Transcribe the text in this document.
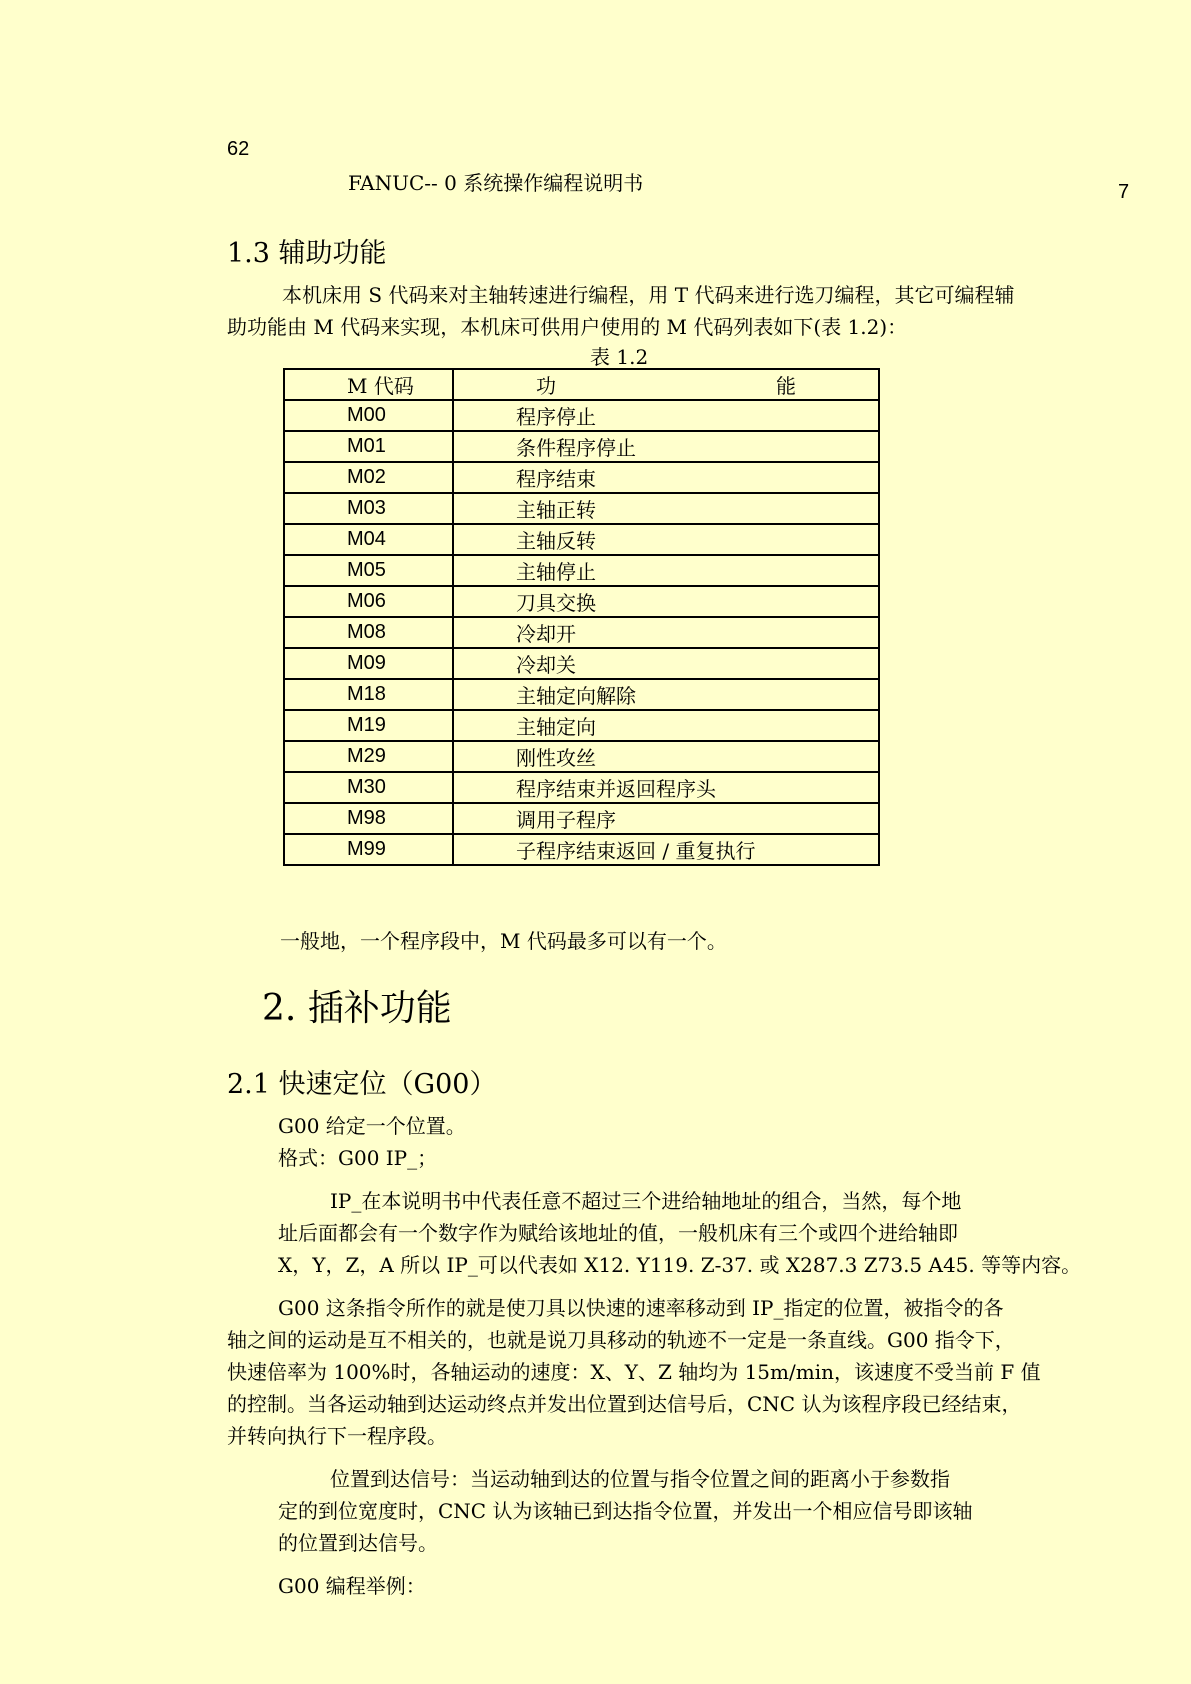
62
FANUC-- 0 系统操作编程说明书	7
1.3 辅助功能
本机床用 S 代码来对主轴转速进行编程，用 T 代码来进行选刀编程，其它可编程辅
助功能由 M 代码来实现，本机床可供用户使用的 M 代码列表如下(表 1.2)：
表 1.2
M 代码	功　　能
M00	程序停止
M01	条件程序停止
M02	程序结束
M03	主轴正转
M04	主轴反转
M05	主轴停止
M06	刀具交换
M08	冷却开
M09	冷却关
M18	主轴定向解除
M19	主轴定向
M29	刚性攻丝
M30	程序结束并返回程序头
M98	调用子程序
M99	子程序结束返回 / 重复执行
一般地，一个程序段中，M 代码最多可以有一个。
2. 插补功能
2.1 快速定位（G00）
G00 给定一个位置。
格式：G00 IP_；
IP_在本说明书中代表任意不超过三个进给轴地址的组合，当然，每个地
址后面都会有一个数字作为赋给该地址的值，一般机床有三个或四个进给轴即
X，Y，Z，A 所以 IP_可以代表如 X12. Y119. Z-37. 或 X287.3 Z73.5 A45. 等等内容。
G00 这条指令所作的就是使刀具以快速的速率移动到 IP_指定的位置，被指令的各
轴之间的运动是互不相关的，也就是说刀具移动的轨迹不一定是一条直线。G00 指令下，
快速倍率为 100%时，各轴运动的速度：X、Y、Z 轴均为 15m/min，该速度不受当前 F 值
的控制。当各运动轴到达运动终点并发出位置到达信号后，CNC 认为该程序段已经结束，
并转向执行下一程序段。
位置到达信号：当运动轴到达的位置与指令位置之间的距离小于参数指
定的到位宽度时，CNC 认为该轴已到达指令位置，并发出一个相应信号即该轴
的位置到达信号。
G00 编程举例：
